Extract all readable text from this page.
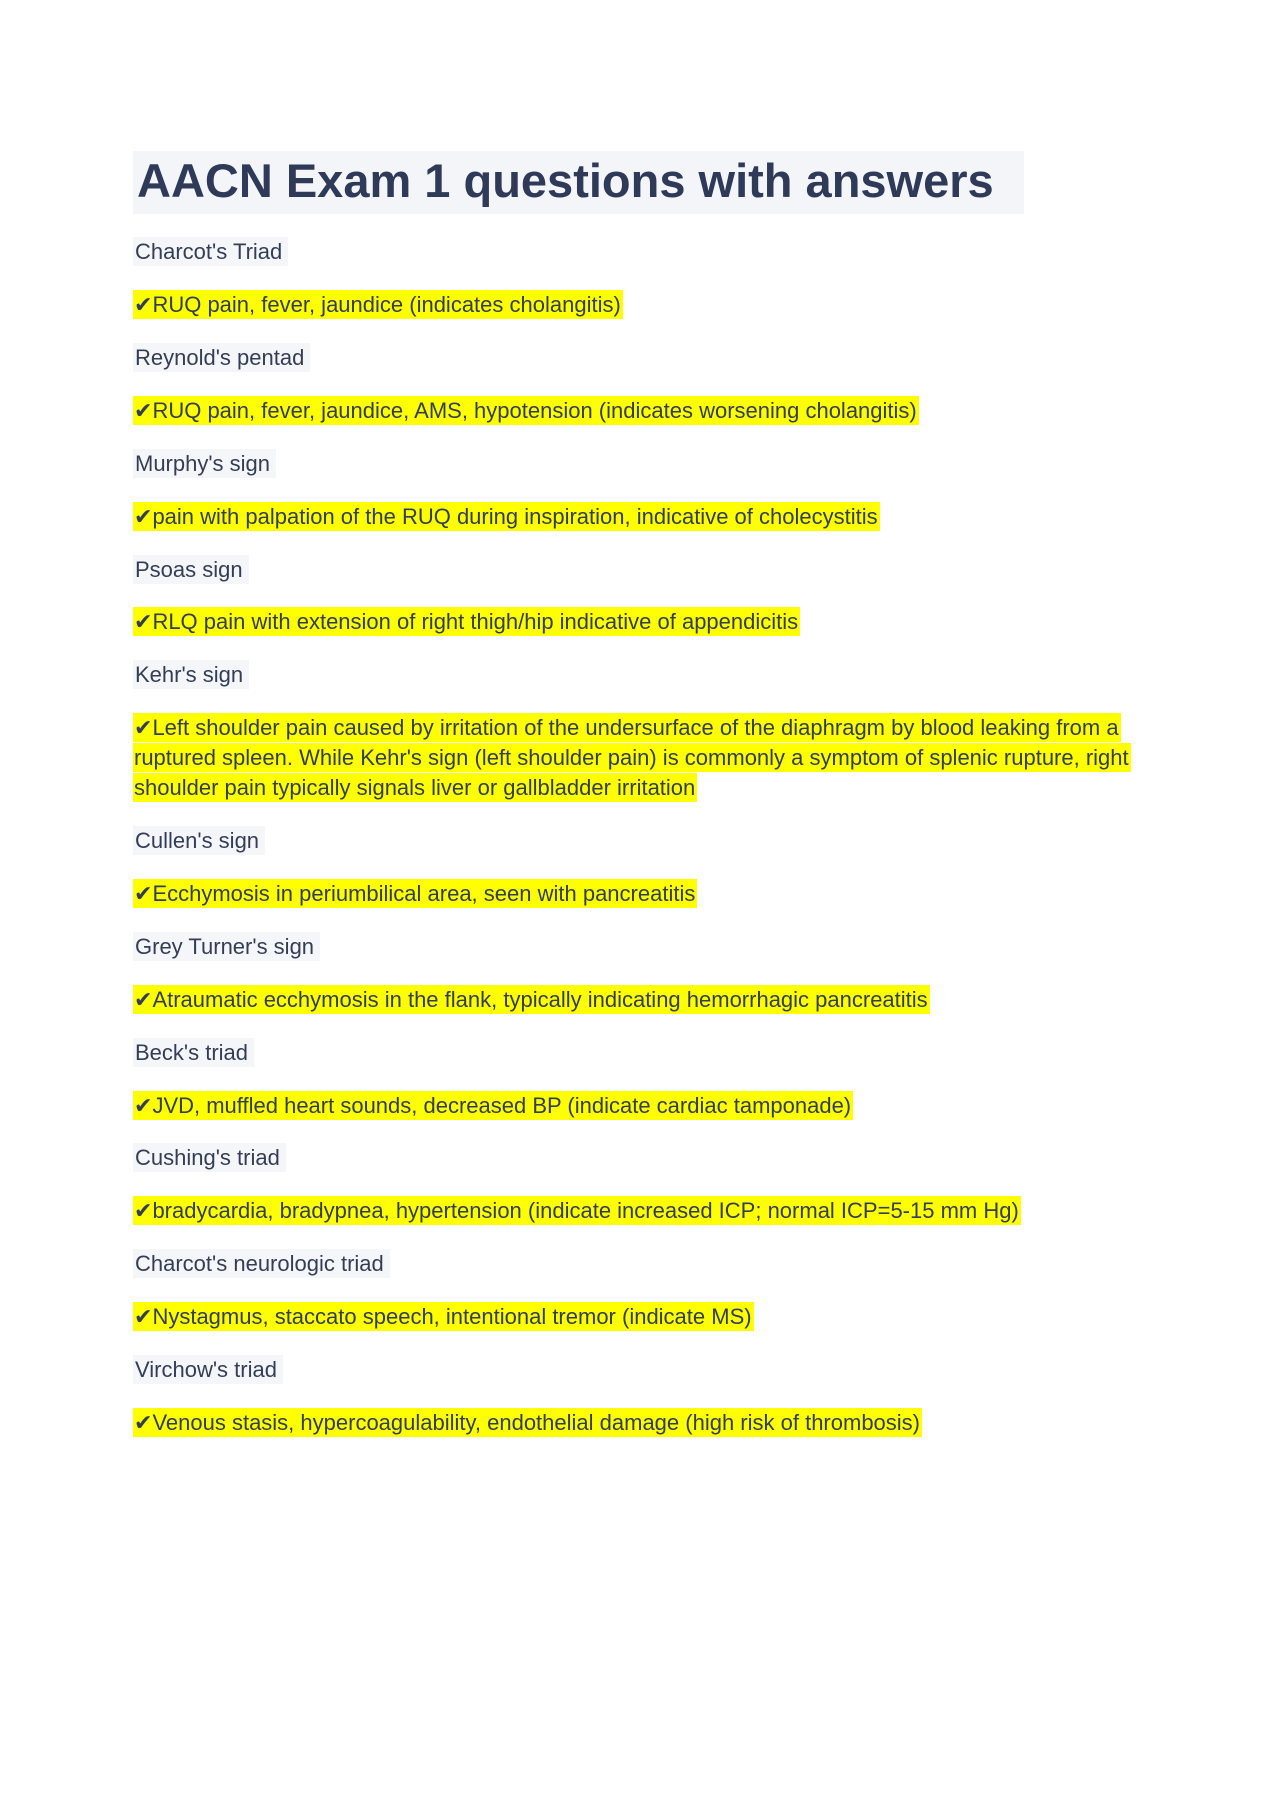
AACN Exam 1 questions with answers

Charcot's Triad

✔RUQ pain, fever, jaundice (indicates cholangitis)

Reynold's pentad

✔RUQ pain, fever, jaundice, AMS, hypotension (indicates worsening cholangitis)

Murphy's sign

✔pain with palpation of the RUQ during inspiration, indicative of cholecystitis

Psoas sign

✔RLQ pain with extension of right thigh/hip indicative of appendicitis

Kehr's sign

✔Left shoulder pain caused by irritation of the undersurface of the diaphragm by blood leaking from a ruptured spleen. While Kehr's sign (left shoulder pain) is commonly a symptom of splenic rupture, right shoulder pain typically signals liver or gallbladder irritation

Cullen's sign

✔Ecchymosis in periumbilical area, seen with pancreatitis

Grey Turner's sign

✔Atraumatic ecchymosis in the flank, typically indicating hemorrhagic pancreatitis

Beck's triad

✔JVD, muffled heart sounds, decreased BP (indicate cardiac tamponade)

Cushing's triad

✔bradycardia, bradypnea, hypertension (indicate increased ICP; normal ICP=5-15 mm Hg)

Charcot's neurologic triad

✔Nystagmus, staccato speech, intentional tremor (indicate MS)

Virchow's triad

✔Venous stasis, hypercoagulability, endothelial damage (high risk of thrombosis)
